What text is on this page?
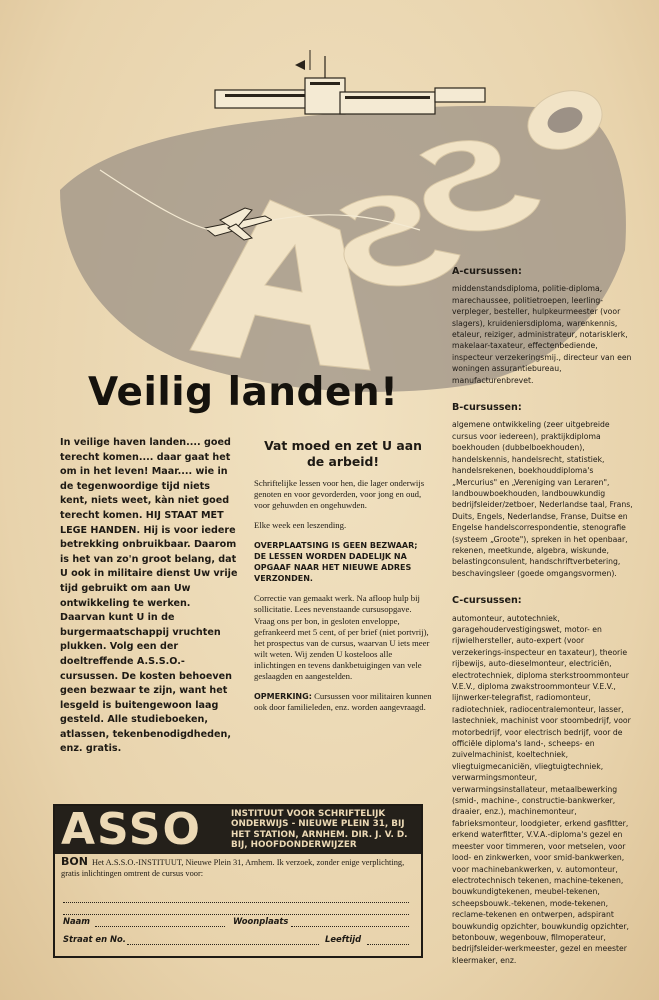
Veilig landen!
In veilige haven landen.... goed terecht komen.... daar gaat het om in het leven! Maar.... wie in de tegenwoordige tijd niets kent, niets weet, kàn niet goed terecht komen. HIJ STAAT MET LEGE HANDEN. Hij is voor iedere betrekking onbruikbaar. Daarom is het van zo'n groot belang, dat U ook in militaire dienst Uw vrije tijd gebruikt om aan Uw ontwikkeling te werken. Daarvan kunt U in de burgermaatschappij vruchten plukken. Volg een der doeltreffende A.S.S.O.-cursussen. De kosten behoeven geen bezwaar te zijn, want het lesgeld is buitengewoon laag gesteld. Alle studieboeken, atlassen, tekenbenodigdheden, enz. gratis.
Vat moed en zet U aan de arbeid!

Schriftelijke lessen voor hen, die lager onderwijs genoten en voor gevorderden, voor jong en oud, voor gehuwden en ongehuwden.

Elke week een leszending.

OVERPLAATSING IS GEEN BEZWAAR; DE LESSEN WORDEN DADELIJK NA OPGAAF NAAR HET NIEUWE ADRES VERZONDEN.

Correctie van gemaakt werk. Na afloop hulp bij sollicitatie. Lees nevenstaande cursusopgave. Vraag ons per bon, in gesloten enveloppe, gefrankeerd met 5 cent, of per brief (niet portvrij), het prospectus van de cursus, waarvan U iets meer wilt weten. Wij zenden U kosteloos alle inlichtingen en tevens dankbetuigingen van vele geslaagden en aangestelden.

OPMERKING: Cursussen voor militairen kunnen ook door familieleden, enz. worden aangevraagd.

A-cursussen:

middenstandsdiploma, politie-diploma, marechaussee, politietroepen, leerling-verpleger, besteller, hulpkeurmeester (voor slagers), kruideniersdiploma, warenkennis, etaleur, reiziger, administrateur, notarisklerk, makelaar-taxateur, effectenbediende, inspecteur verzekeringsmij., directeur van een woningen assurantiebureau, manufacturenbrevet.

B-cursussen:

algemene ontwikkeling (zeer uitgebreide cursus voor iedereen), praktijkdiploma boekhouden (dubbelboekhouden), handelskennis, handelsrecht, statistiek, handelsrekenen, boekhouddiploma's „Mercurius" en „Vereniging van Leraren", landbouwboekhouden, landbouwkundig bedrijfsleider/zetboer, Nederlandse taal, Frans, Duits, Engels, Nederlandse, Franse, Duitse en Engelse handelscorrespondentie, stenografie (systeem „Groote"), spreken in het openbaar, rekenen, meetkunde, algebra, wiskunde, belastingconsulent, handschriftverbetering, beschavingsleer (goede omgangsvormen).

C-cursussen:

automonteur, autotechniek, garagehoudervestigingswet, motor- en rijwielhersteller, auto-expert (voor verzekerings-inspecteur en taxateur), theorie rijbewijs, auto-dieselmonteur, electriciën, electrotechniek, diploma sterkstroommonteur V.E.V., diploma zwakstroommonteur V.E.V., lijnwerker-telegrafist, radiomonteur, radiotechniek, radiocentralemonteur, lasser, lastechniek, machinist voor stoombedrijf, voor motorbedrijf, voor electrisch bedrijf, voor de officiële diploma's land-, scheeps- en zuivelmachinist, koeltechniek, vliegtuigmecaniciën, vliegtuigtechniek, verwarmingsmonteur, verwarmingsinstallateur, metaalbewerking (smid-, machine-, constructie-bankwerker, draaier, enz.), machinemonteur, fabrieksmonteur, loodgieter, erkend gasfitter, erkend waterfitter, V.V.A.-diploma's gezel en meester voor timmeren, voor metselen, voor lood- en zinkwerken, voor smid-bankwerken, voor machinebankwerken, v. automonteur, electrotechnisch tekenen, machine-tekenen, bouwkundigtekenen, meubel-tekenen, scheepsbouwk.-tekenen, mode-tekenen, reclame-tekenen en ontwerpen, adspirant bouwkundig opzichter, bouwkundig opzichter, betonbouw, wegenbouw, filmoperateur, bedrijfsleider-werkmeester, gezel en meester kleermaker, enz.

ASSO	INSTITUUT VOOR SCHRIFTELIJK ONDERWIJS - NIEUWE PLEIN 31, BIJ HET STATION, ARNHEM. DIR. J. V. D. BIJ, HOOFDONDERWIJZER
BON Het A.S.S.O.-INSTITUUT, Nieuwe Plein 31, Arnhem. Ik verzoek, zonder enige verplichting, gratis inlichtingen omtrent de cursus voor:
Naam	Woonplaats
Straat en No.	Leeftijd
